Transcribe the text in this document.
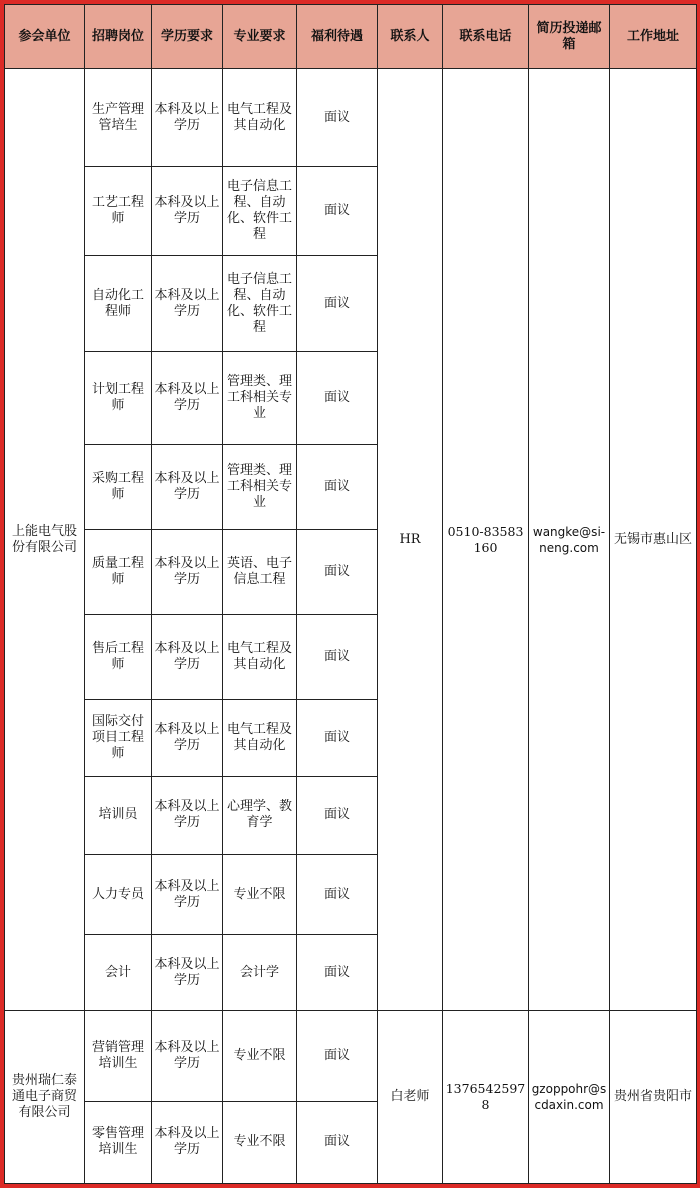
参会单位	招聘岗位	学历要求	专业要求	福利待遇	联系人	联系电话	简历投递邮箱	工作地址
上能电气股份有限公司	生产管理管培生	本科及以上学历	电气工程及其自动化	面议	HR	0510-83583160	wangke@si-neng.com	无锡市惠山区
	工艺工程师	本科及以上学历	电子信息工程、自动化、软件工程	面议				
	自动化工程师	本科及以上学历	电子信息工程、自动化、软件工程	面议				
	计划工程师	本科及以上学历	管理类、理工科相关专业	面议				
	采购工程师	本科及以上学历	管理类、理工科相关专业	面议				
	质量工程师	本科及以上学历	英语、电子信息工程	面议				
	售后工程师	本科及以上学历	电气工程及其自动化	面议				
	国际交付项目工程师	本科及以上学历	电气工程及其自动化	面议				
	培训员	本科及以上学历	心理学、教育学	面议				
	人力专员	本科及以上学历	专业不限	面议				
	会计	本科及以上学历	会计学	面议				
贵州瑞仁泰通电子商贸有限公司	营销管理培训生	本科及以上学历	专业不限	面议	白老师	13765425978	gzoppohr@scdaxin.com	贵州省贵阳市
	零售管理培训生	本科及以上学历	专业不限	面议				
